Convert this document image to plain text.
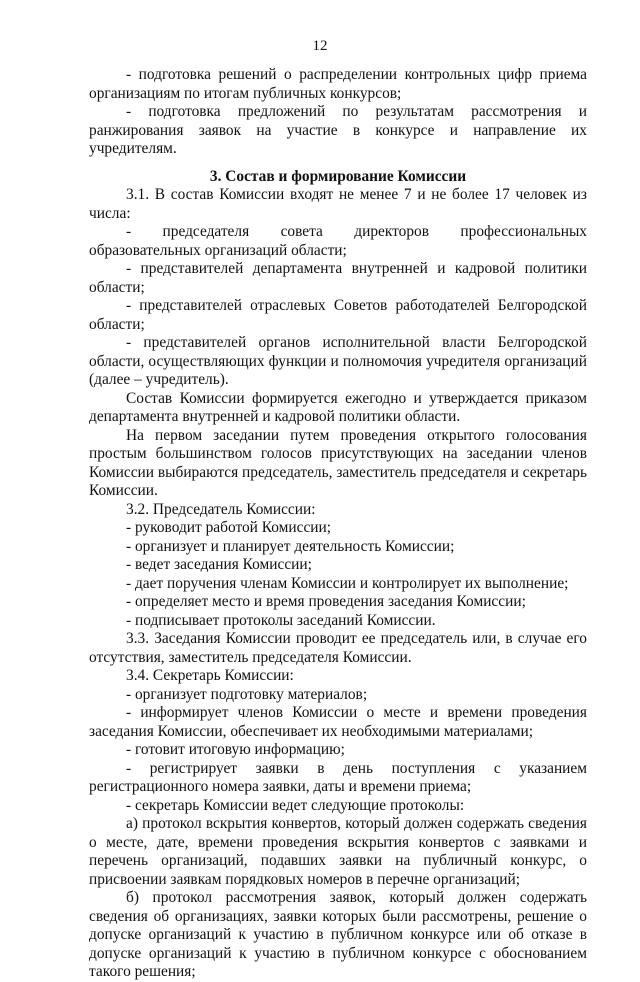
12

- подготовка решений о распределении контрольных цифр приема организациям по итогам публичных конкурсов;

- подготовка предложений по результатам рассмотрения и ранжирования заявок на участие в конкурсе и направление их учредителям.

3. Состав и формирование Комиссии

3.1. В состав Комиссии входят не менее 7 и не более 17 человек из числа:

- председателя совета директоров профессиональных образовательных организаций области;

- представителей департамента внутренней и кадровой политики области;

- представителей отраслевых Советов работодателей Белгородской области;

- представителей органов исполнительной власти Белгородской области, осуществляющих функции и полномочия учредителя организаций (далее – учредитель).

Состав Комиссии формируется ежегодно и утверждается приказом департамента внутренней и кадровой политики области.

На первом заседании путем проведения открытого голосования простым большинством голосов присутствующих на заседании членов Комиссии выбираются председатель, заместитель председателя и секретарь Комиссии.

3.2. Председатель Комиссии:

- руководит работой Комиссии;

- организует и планирует деятельность Комиссии;

- ведет заседания Комиссии;

- дает поручения членам Комиссии и контролирует их выполнение;

- определяет место и время проведения заседания Комиссии;

- подписывает протоколы заседаний Комиссии.

3.3. Заседания Комиссии проводит ее председатель или, в случае его отсутствия, заместитель председателя Комиссии.

3.4. Секретарь Комиссии:

- организует подготовку материалов;

- информирует членов Комиссии о месте и времени проведения заседания Комиссии, обеспечивает их необходимыми материалами;

- готовит итоговую информацию;

- регистрирует заявки в день поступления с указанием регистрационного номера заявки, даты и времени приема;

- секретарь Комиссии ведет следующие протоколы:

а) протокол вскрытия конвертов, который должен содержать сведения о месте, дате, времени проведения вскрытия конвертов с заявками и перечень организаций, подавших заявки на публичный конкурс, о присвоении заявкам порядковых номеров в перечне организаций;

б) протокол рассмотрения заявок, который должен содержать сведения об организациях, заявки которых были рассмотрены, решение о допуске организаций к участию в публичном конкурсе или об отказе в допуске организаций к участию в публичном конкурсе с обоснованием такого решения;
